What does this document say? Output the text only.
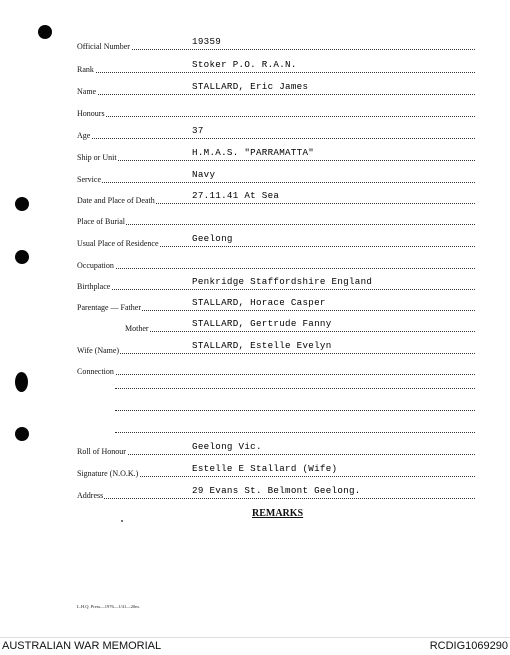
Official Number	19359
Rank	Stoker P.O. R.A.N.
Name	STALLARD, Eric James
Honours
Age	37
Ship or Unit	H.M.A.S. "PARRAMATTA"
Service	Navy
Date and Place of Death	27.11.41 At Sea
Place of Burial
Usual Place of Residence	Geelong
Occupation
Birthplace	Penkridge Staffordshire England
Parentage — Father	STALLARD, Horace Casper
Mother	STALLARD, Gertrude Fanny
Wife (Name)	STALLARD, Estelle Evelyn
Connection
Roll of Honour	Geelong Vic.
Signature (N.O.K.)	Estelle E Stallard (Wife)
Address	29 Evans St. Belmont Geelong.
REMARKS
L.H.Q. Press—1976—1/41—20m.
AUSTRALIAN WAR MEMORIAL	RCDIG1069290
